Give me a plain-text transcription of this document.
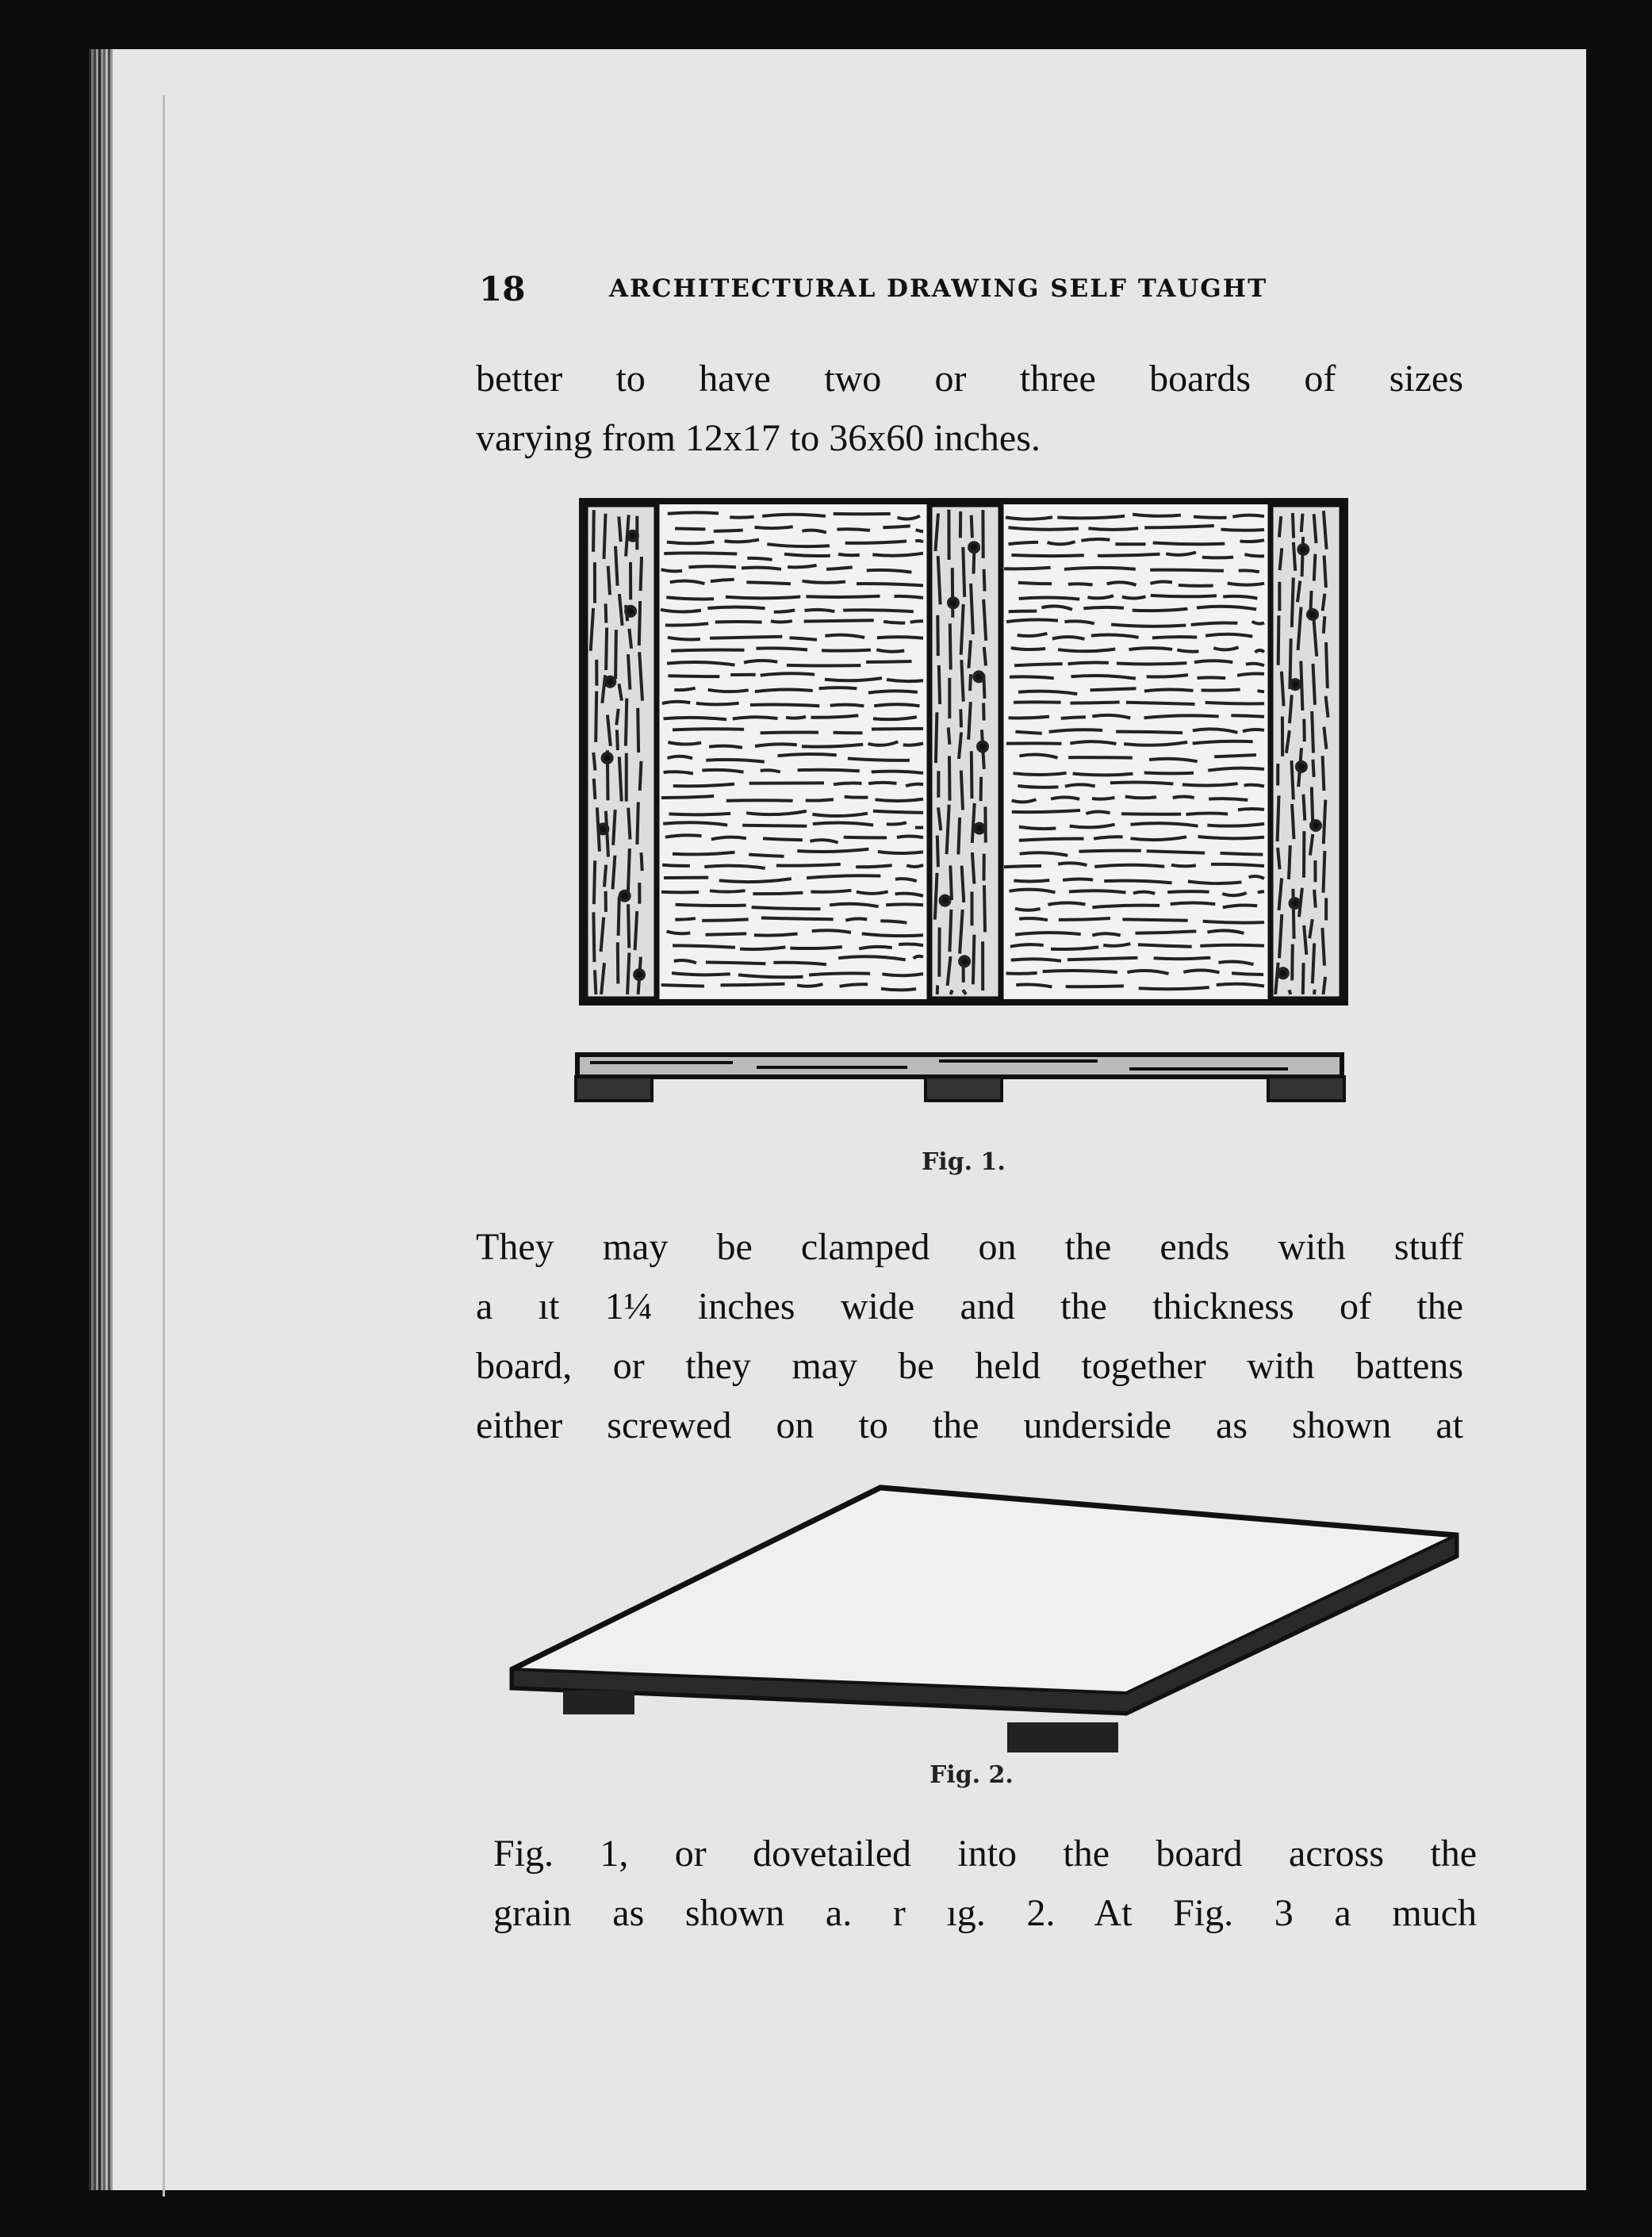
18	ARCHITECTURAL DRAWING SELF TAUGHT
better to have two or three boards of sizes
varying from 12x17 to 36x60 inches.
Fig. 1.
They may be clamped on the ends with stuff
a ıt 1¼ inches wide and the thickness of the
board, or they may be held together with battens
either screwed on to the underside as shown at
Fig. 2.
Fig. 1, or dovetailed into the board across the
grain as shown a. r ıg. 2. At Fig. 3 a much
